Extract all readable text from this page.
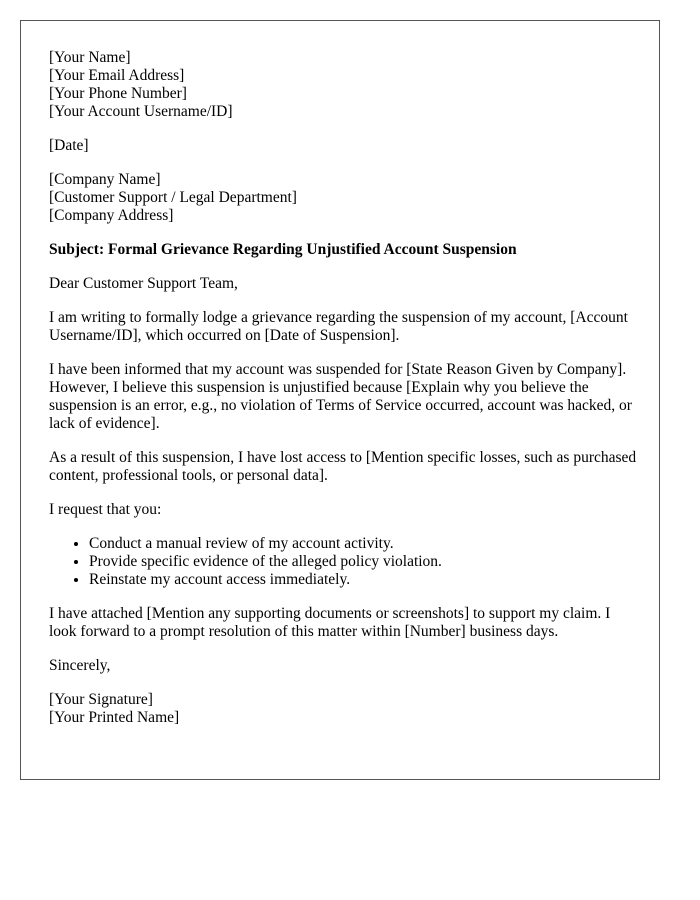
[Your Name]
[Your Email Address]
[Your Phone Number]
[Your Account Username/ID]
[Date]
[Company Name]
[Customer Support / Legal Department]
[Company Address]

Subject: Formal Grievance Regarding Unjustified Account Suspension

Dear Customer Support Team,

I am writing to formally lodge a grievance regarding the suspension of my account, [Account Username/ID], which occurred on [Date of Suspension].

I have been informed that my account was suspended for [State Reason Given by Company]. However, I believe this suspension is unjustified because [Explain why you believe the suspension is an error, e.g., no violation of Terms of Service occurred, account was hacked, or lack of evidence].

As a result of this suspension, I have lost access to [Mention specific losses, such as purchased content, professional tools, or personal data].

I request that you:

• Conduct a manual review of my account activity.
• Provide specific evidence of the alleged policy violation.
• Reinstate my account access immediately.

I have attached [Mention any supporting documents or screenshots] to support my claim. I look forward to a prompt resolution of this matter within [Number] business days.

Sincerely,

[Your Signature]
[Your Printed Name]
